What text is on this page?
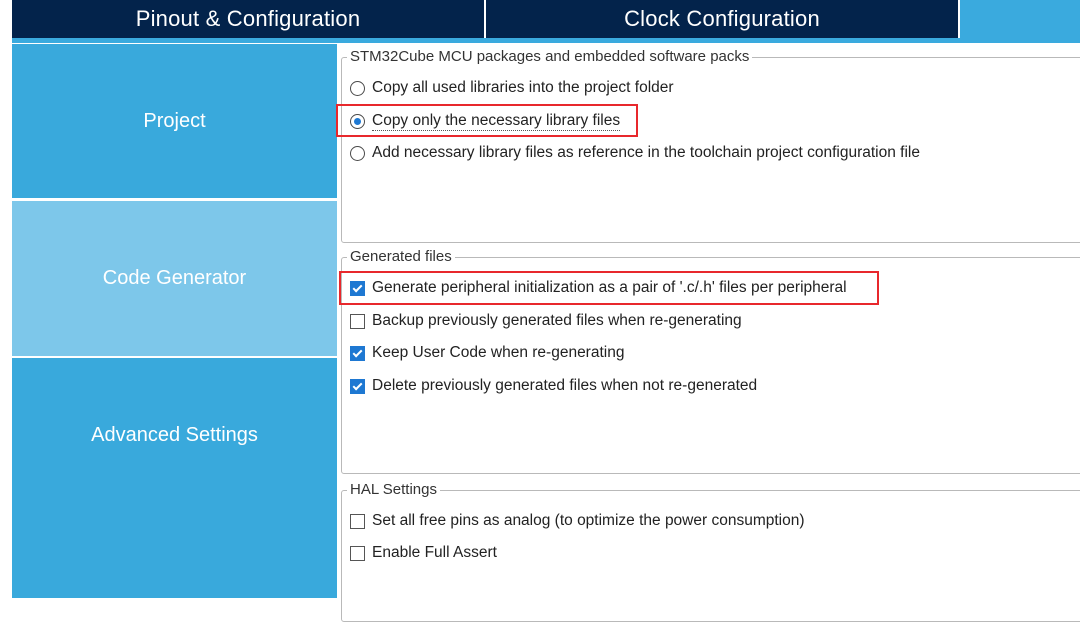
Pinout & Configuration	Clock Configuration
Project
Code Generator
Advanced Settings
STM32Cube MCU packages and embedded software packs
Copy all used libraries into the project folder
Copy only the necessary library files
Add necessary library files as reference in the toolchain project configuration file
Generated files
Generate peripheral initialization as a pair of '.c/.h' files per peripheral
Backup previously generated files when re-generating
Keep User Code when re-generating
Delete previously generated files when not re-generated
HAL Settings
Set all free pins as analog (to optimize the power consumption)
Enable Full Assert
